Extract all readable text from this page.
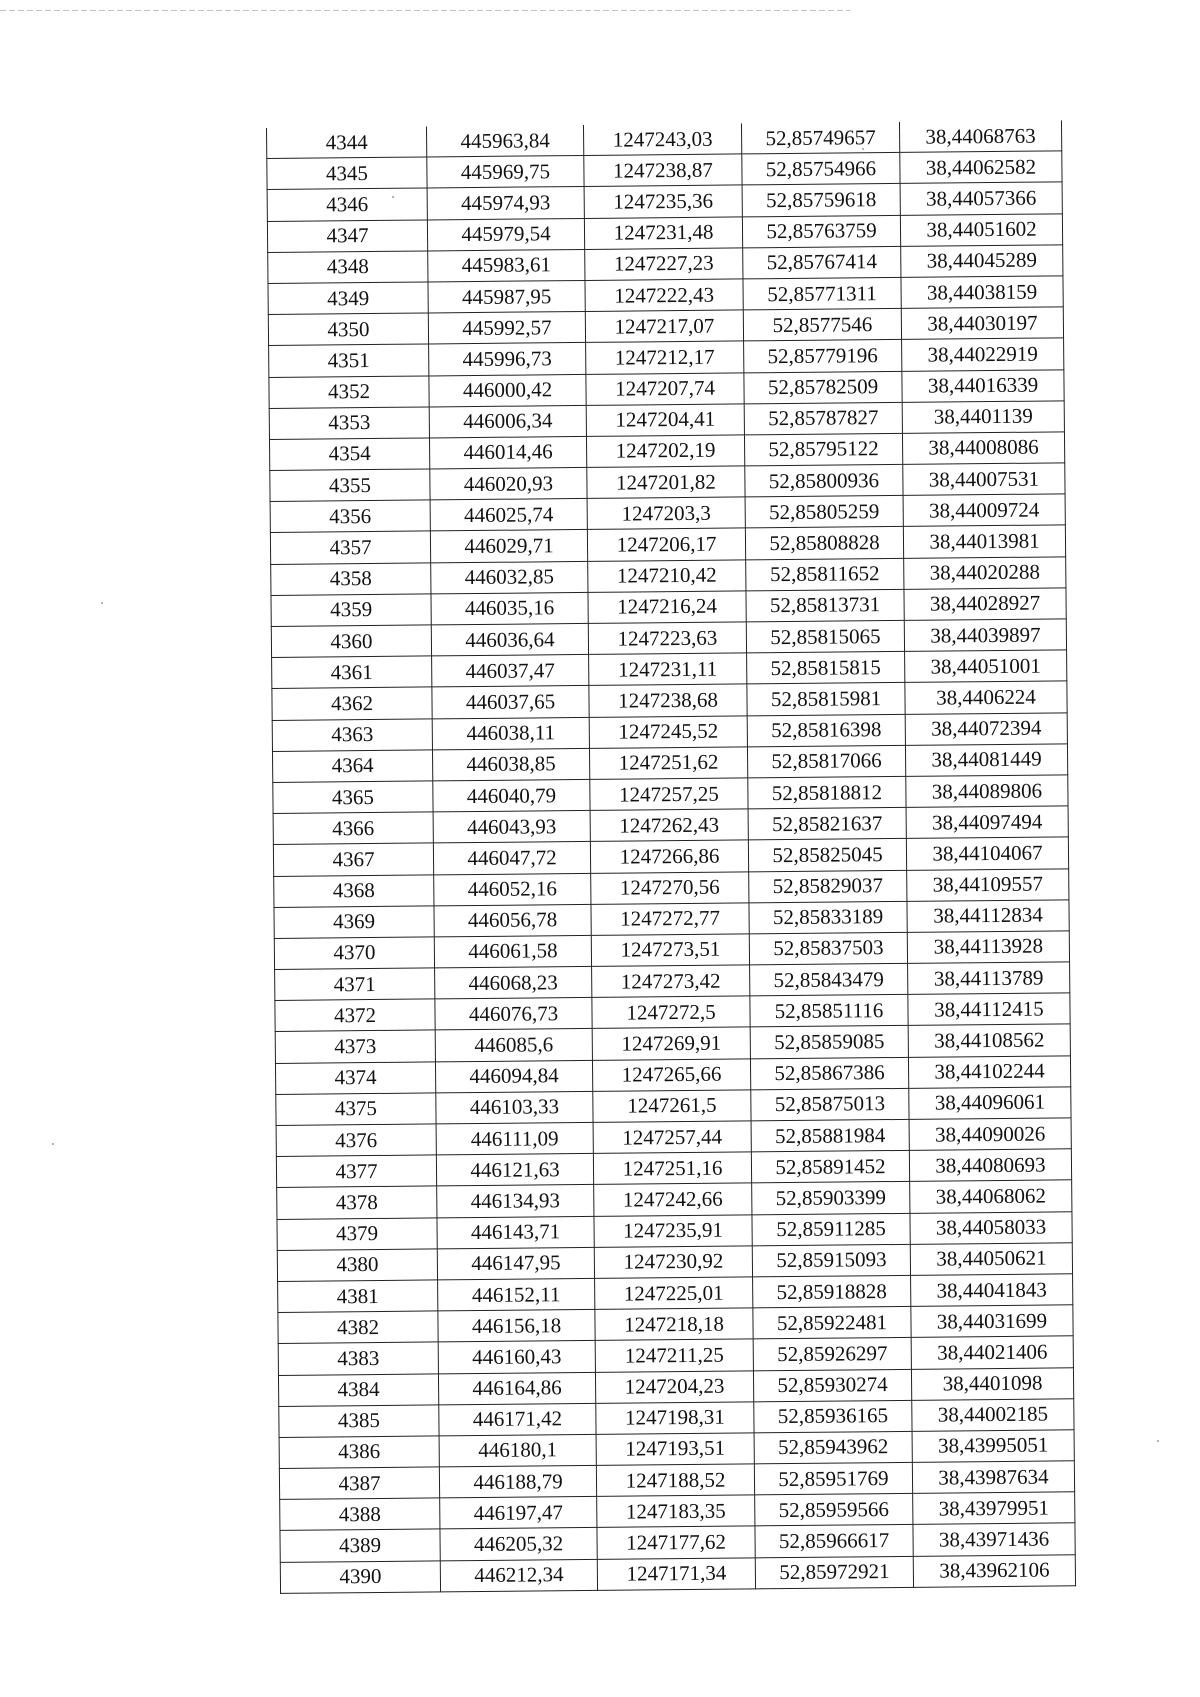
4344	445963,84	1247243,03	52,85749657	38,44068763
4345	445969,75	1247238,87	52,85754966	38,44062582
4346	445974,93	1247235,36	52,85759618	38,44057366
4347	445979,54	1247231,48	52,85763759	38,44051602
4348	445983,61	1247227,23	52,85767414	38,44045289
4349	445987,95	1247222,43	52,85771311	38,44038159
4350	445992,57	1247217,07	52,8577546	38,44030197
4351	445996,73	1247212,17	52,85779196	38,44022919
4352	446000,42	1247207,74	52,85782509	38,44016339
4353	446006,34	1247204,41	52,85787827	38,4401139
4354	446014,46	1247202,19	52,85795122	38,44008086
4355	446020,93	1247201,82	52,85800936	38,44007531
4356	446025,74	1247203,3	52,85805259	38,44009724
4357	446029,71	1247206,17	52,85808828	38,44013981
4358	446032,85	1247210,42	52,85811652	38,44020288
4359	446035,16	1247216,24	52,85813731	38,44028927
4360	446036,64	1247223,63	52,85815065	38,44039897
4361	446037,47	1247231,11	52,85815815	38,44051001
4362	446037,65	1247238,68	52,85815981	38,4406224
4363	446038,11	1247245,52	52,85816398	38,44072394
4364	446038,85	1247251,62	52,85817066	38,44081449
4365	446040,79	1247257,25	52,85818812	38,44089806
4366	446043,93	1247262,43	52,85821637	38,44097494
4367	446047,72	1247266,86	52,85825045	38,44104067
4368	446052,16	1247270,56	52,85829037	38,44109557
4369	446056,78	1247272,77	52,85833189	38,44112834
4370	446061,58	1247273,51	52,85837503	38,44113928
4371	446068,23	1247273,42	52,85843479	38,44113789
4372	446076,73	1247272,5	52,85851116	38,44112415
4373	446085,6	1247269,91	52,85859085	38,44108562
4374	446094,84	1247265,66	52,85867386	38,44102244
4375	446103,33	1247261,5	52,85875013	38,44096061
4376	446111,09	1247257,44	52,85881984	38,44090026
4377	446121,63	1247251,16	52,85891452	38,44080693
4378	446134,93	1247242,66	52,85903399	38,44068062
4379	446143,71	1247235,91	52,85911285	38,44058033
4380	446147,95	1247230,92	52,85915093	38,44050621
4381	446152,11	1247225,01	52,85918828	38,44041843
4382	446156,18	1247218,18	52,85922481	38,44031699
4383	446160,43	1247211,25	52,85926297	38,44021406
4384	446164,86	1247204,23	52,85930274	38,4401098
4385	446171,42	1247198,31	52,85936165	38,44002185
4386	446180,1	1247193,51	52,85943962	38,43995051
4387	446188,79	1247188,52	52,85951769	38,43987634
4388	446197,47	1247183,35	52,85959566	38,43979951
4389	446205,32	1247177,62	52,85966617	38,43971436
4390	446212,34	1247171,34	52,85972921	38,43962106
